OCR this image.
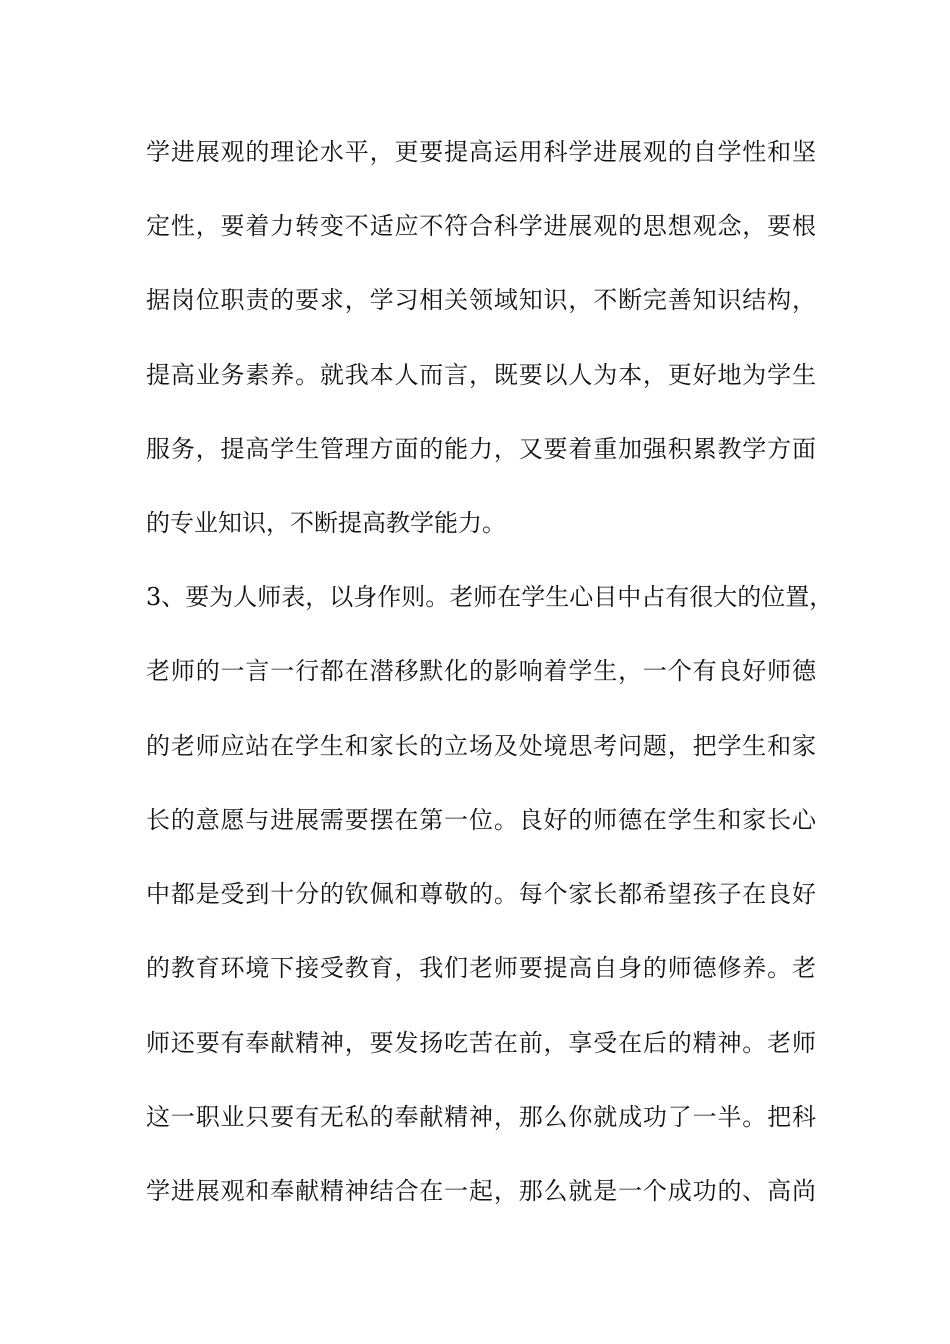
学进展观的理论水平，更要提高运用科学进展观的自学性和坚
定性，要着力转变不适应不符合科学进展观的思想观念，要根
据岗位职责的要求，学习相关领域知识，不断完善知识结构，
提高业务素养。就我本人而言，既要以人为本，更好地为学生
服务，提高学生管理方面的能力，又要着重加强积累教学方面
的专业知识，不断提高教学能力。
3、要为人师表，以身作则。老师在学生心目中占有很大的位置，
老师的一言一行都在潜移默化的影响着学生，一个有良好师德
的老师应站在学生和家长的立场及处境思考问题，把学生和家
长的意愿与进展需要摆在第一位。良好的师德在学生和家长心
中都是受到十分的钦佩和尊敬的。每个家长都希望孩子在良好
的教育环境下接受教育，我们老师要提高自身的师德修养。老
师还要有奉献精神，要发扬吃苦在前，享受在后的精神。老师
这一职业只要有无私的奉献精神，那么你就成功了一半。把科
学进展观和奉献精神结合在一起，那么就是一个成功的、高尚
